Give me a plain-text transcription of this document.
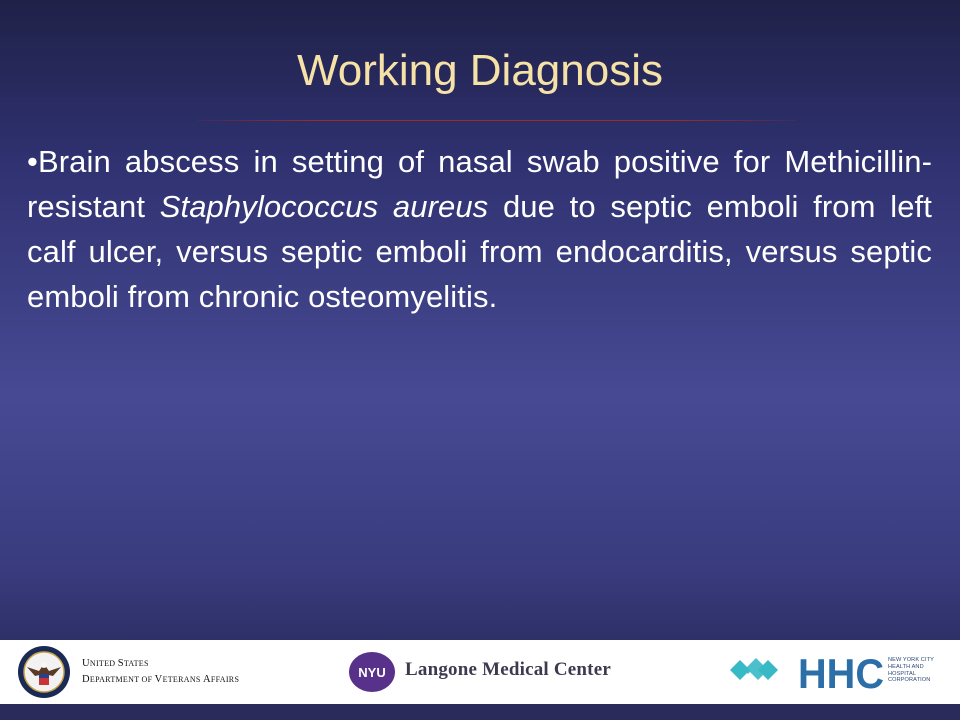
Working Diagnosis
•Brain abscess in setting of nasal swab positive for Methicillin-resistant Staphylococcus aureus due to septic emboli from left calf ulcer, versus septic emboli from endocarditis, versus septic emboli from chronic osteomyelitis.
UNITED STATES
DEPARTMENT OF VETERANS AFFAIRS	NYU Langone Medical Center	HHC NEW YORK CITY
HEALTH AND
HOSPITAL
CORPORATION
